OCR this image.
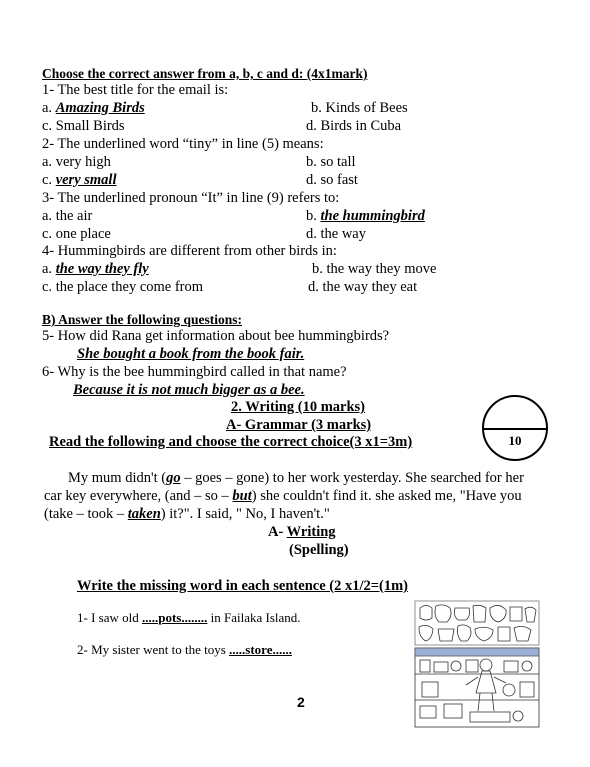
Choose the correct answer from a, b, c and d: (4x1mark)
1- The best title for the email is:
a. Amazing Birds	b. Kinds of Bees
c. Small Birds	d. Birds in Cuba
2- The underlined word “tiny” in line (5) means:
a. very high	b. so tall
c. very small	d. so fast
3- The underlined pronoun “It” in line (9) refers to:
a. the air	b. the hummingbird
c. one place	d. the way
4- Hummingbirds are different from other birds in:
a. the way they fly	b. the way they move
c. the place they come from	d. the way they eat
B) Answer the following questions:
5- How did Rana get information about bee hummingbirds?
She bought a book from the book fair.
6- Why is the bee hummingbird called in that name?
Because it is not much bigger as a bee.
2. Writing (10 marks)
A- Grammar (3 marks)
Read the following and choose the correct choice(3 x1=3m)	10
My mum didn't (go – goes – gone) to her work yesterday. She searched for her
car key everywhere, (and – so – but) she couldn't find it. she asked me, "Have you
(take – took – taken) it?". I said, " No, I haven't."
A- Writing
(Spelling)
Write the missing word in each sentence (2 x1/2=(1m)
1- I saw old .....pots........ in Failaka Island.
2- My sister went to the toys .....store......
2
